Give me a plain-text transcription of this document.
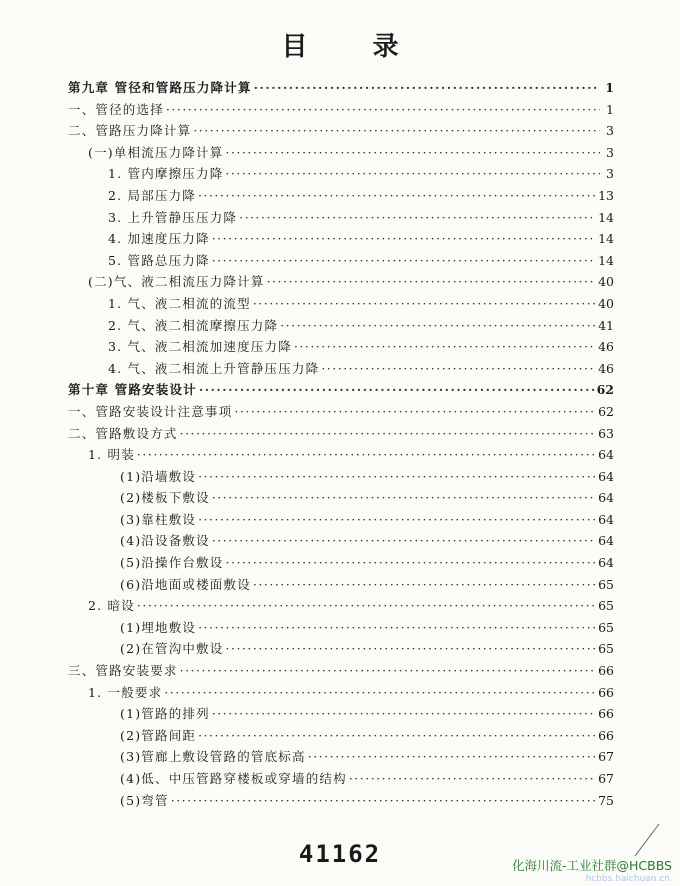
目 录
第九章 管径和管路压力降计算 ·····	1
一、管径的选择 ·····	1
二、管路压力降计算 ·····	3
(一)单相流压力降计算 ·····	3
1. 管内摩擦压力降 ·····	3
2. 局部压力降 ·····	13
3. 上升管静压压力降 ·····	14
4. 加速度压力降 ·····	14
5. 管路总压力降 ·····	14
(二)气、液二相流压力降计算 ·····	40
1. 气、液二相流的流型 ·····	40
2. 气、液二相流摩擦压力降 ·····	41
3. 气、液二相流加速度压力降 ·····	46
4. 气、液二相流上升管静压压力降 ·····	46
第十章 管路安装设计 ·····	62
一、管路安装设计注意事项 ·····	62
二、管路敷设方式 ·····	63
1. 明装 ·····	64
(1)沿墙敷设 ·····	64
(2)楼板下敷设 ·····	64
(3)靠柱敷设 ·····	64
(4)沿设备敷设 ·····	64
(5)沿操作台敷设 ·····	64
(6)沿地面或楼面敷设 ·····	65
2. 暗设 ·····	65
(1)埋地敷设 ·····	65
(2)在管沟中敷设 ·····	65
三、管路安装要求 ·····	66
1. 一般要求 ·····	66
(1)管路的排列 ·····	66
(2)管路间距 ·····	66
(3)管廊上敷设管路的管底标高 ·····	67
(4)低、中压管路穿楼板或穿墙的结构 ·····	67
(5)弯管 ·····	75
41162	化海川流-工业社群@HCBBS
hcbbs.haichuan.cn
